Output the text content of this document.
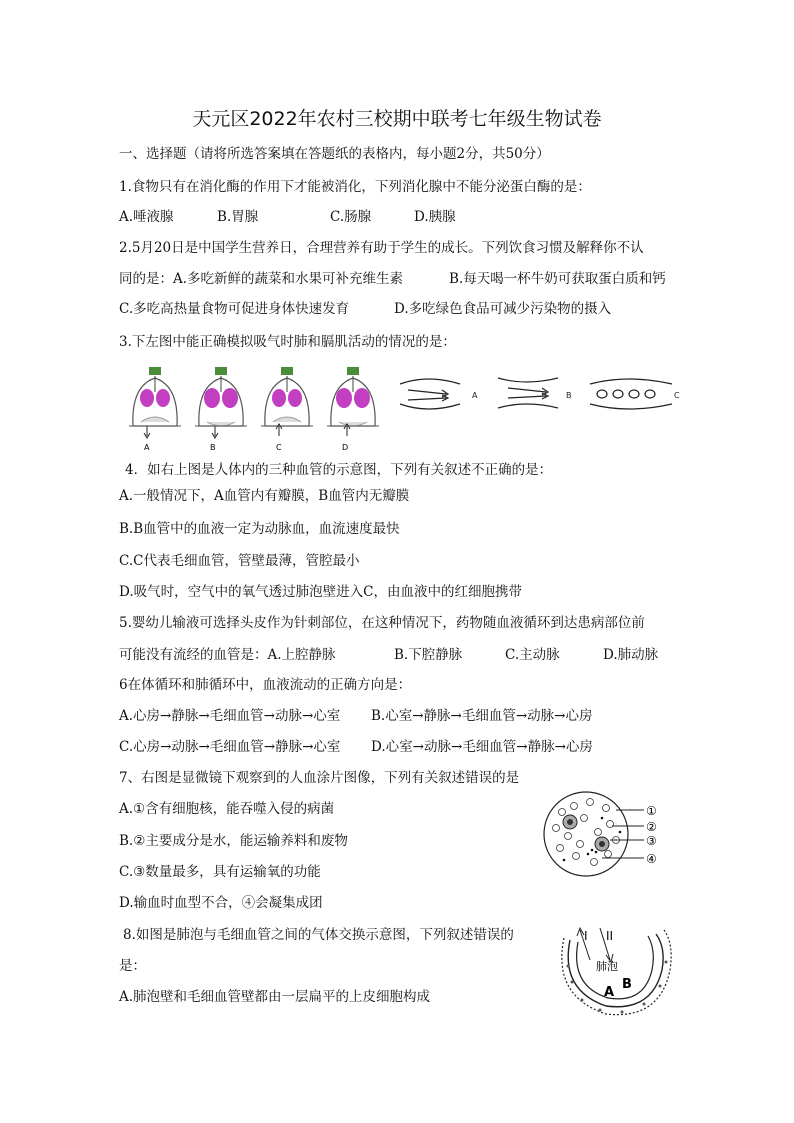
天元区2022年农村三校期中联考七年级生物试卷
一、选择题（请将所选答案填在答题纸的表格内，每小题2分，共50分）
1.食物只有在消化酶的作用下才能被消化，下列消化腺中不能分泌蛋白酶的是：
A.唾液腺	B.胃腺	C.肠腺	D.胰腺
2.5月20日是中国学生营养日，合理营养有助于学生的成长。下列饮食习惯及解释你不认
同的是：A.多吃新鲜的蔬菜和水果可补充维生素	B.每天喝一杯牛奶可获取蛋白质和钙
C.多吃高热量食物可促进身体快速发育	D.多吃绿色食品可减少污染物的摄入
3.下左图中能正确模拟吸气时肺和膈肌活动的情况的是：
A	B	C	D
A	B	C
4．如右上图是人体内的三种血管的示意图，下列有关叙述不正确的是：
A.一般情况下，A血管内有瓣膜，B血管内无瓣膜
B.B血管中的血液一定为动脉血，血流速度最快
C.C代表毛细血管，管壁最薄，管腔最小
D.吸气时，空气中的氧气透过肺泡壁进入C，由血液中的红细胞携带
5.婴幼儿输液可选择头皮作为针刺部位，在这种情况下，药物随血液循环到达患病部位前
可能没有流经的血管是：A.上腔静脉	B.下腔静脉	C.主动脉	D.肺动脉
6在体循环和肺循环中，血液流动的正确方向是：
A.心房→静脉→毛细血管→动脉→心室 B.心室→静脉→毛细血管→动脉→心房
C.心房→动脉→毛细血管→静脉→心室 D.心室→动脉→毛细血管→静脉→心房
7、右图是显微镜下观察到的人血涂片图像，下列有关叙述错误的是
A.①含有细胞核，能吞噬入侵的病菌
B.②主要成分是水，能运输养料和废物
C.③数量最多，具有运输氧的功能
D.输血时血型不合，④会凝集成团
①
②
③
④
8.如图是肺泡与毛细血管之间的气体交换示意图，下列叙述错误的
是：
A.肺泡壁和毛细血管壁都由一层扁平的上皮细胞构成
I II
肺泡
A
B
